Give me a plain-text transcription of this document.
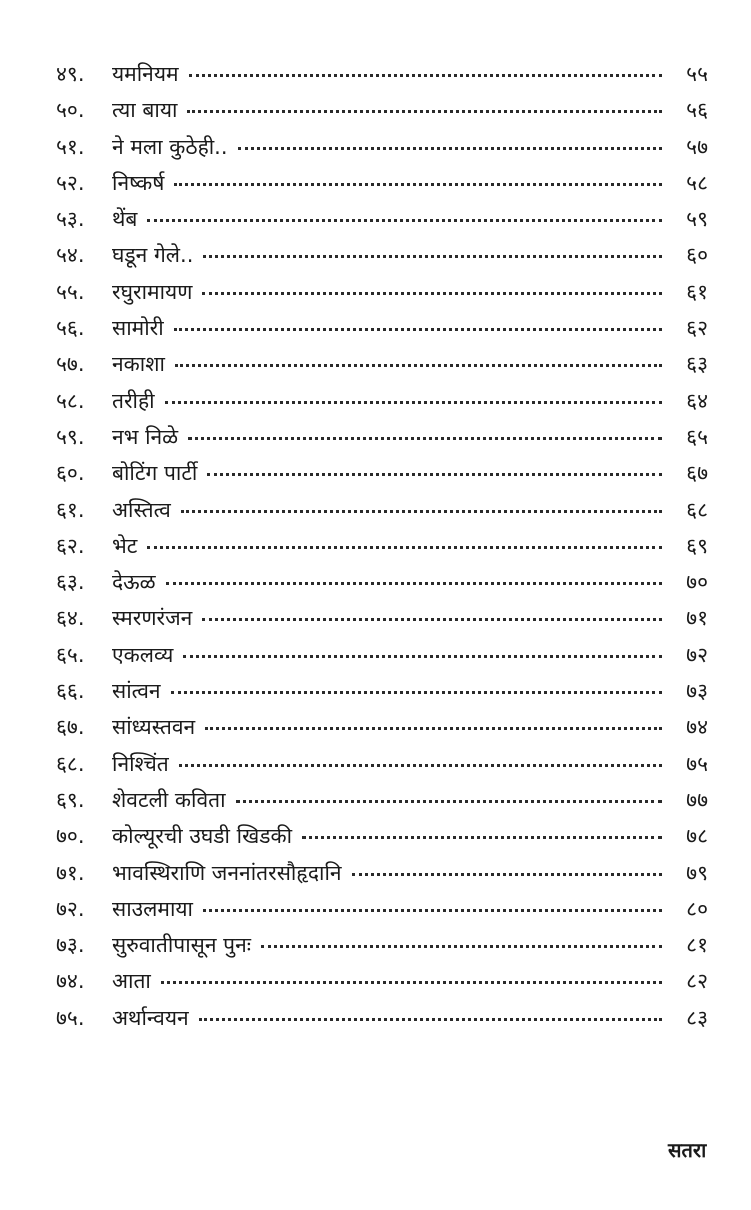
४९.	यमनियम	५५
५०.	त्या बाया	५६
५१.	ने मला कुठेही..	५७
५२.	निष्कर्ष	५८
५३.	थेंब	५९
५४.	घडून गेले..	६०
५५.	रघुरामायण	६१
५६.	सामोरी	६२
५७.	नकाशा	६३
५८.	तरीही	६४
५९.	नभ निळे	६५
६०.	बोटिंग पार्टी	६७
६१.	अस्तित्व	६८
६२.	भेट	६९
६३.	देऊळ	७०
६४.	स्मरणरंजन	७१
६५.	एकलव्य	७२
६६.	सांत्वन	७३
६७.	सांध्यस्तवन	७४
६८.	निश्चिंत	७५
६९.	शेवटली कविता	७७
७०.	कोल्यूरची उघडी खिडकी	७८
७१.	भावस्थिराणि जननांतरसौहृदानि	७९
७२.	साउलमाया	८०
७३.	सुरुवातीपासून पुनः	८१
७४.	आता	८२
७५.	अर्थान्वयन	८३
सतरा
